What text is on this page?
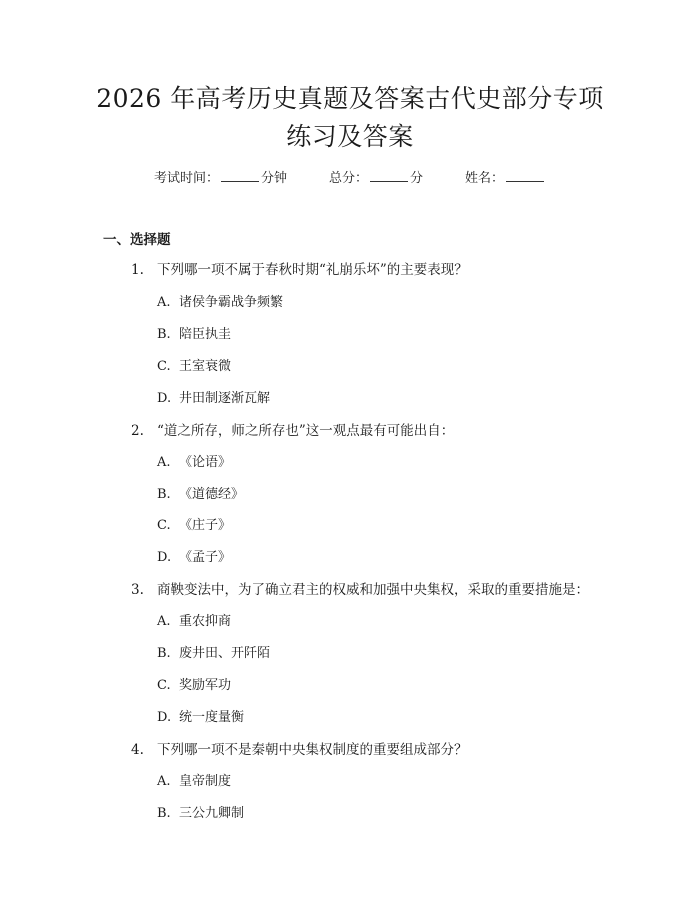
2026 年高考历史真题及答案古代史部分专项
练习及答案
考试时间：	分钟	总分：	分	姓名：
一、选择题
1. 下列哪一项不属于春秋时期“礼崩乐坏”的主要表现？
A. 诸侯争霸战争频繁
B. 陪臣执圭
C. 王室衰微
D. 井田制逐渐瓦解
2. “道之所存，师之所存也”这一观点最有可能出自：
A. 《论语》
B. 《道德经》
C. 《庄子》
D. 《孟子》
3. 商鞅变法中，为了确立君主的权威和加强中央集权，采取的重要措施是：
A. 重农抑商
B. 废井田、开阡陌
C. 奖励军功
D. 统一度量衡
4. 下列哪一项不是秦朝中央集权制度的重要组成部分？
A. 皇帝制度
B. 三公九卿制
